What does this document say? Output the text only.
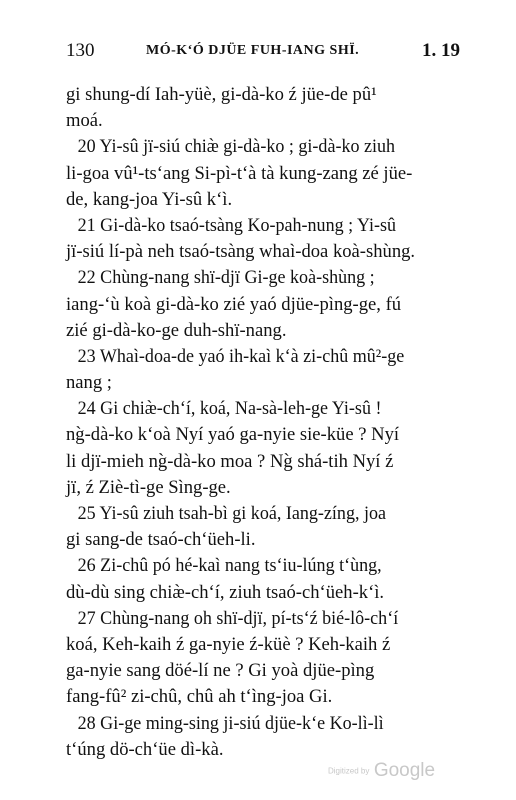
130	MÓ-K‘Ó DJÜE FUH-IANG SHÏ.	1. 19
gi shung-dí Iah-yüè, gi-dà-ko ź jüe-de pû¹
moá.
20 Yi-sû jï-siú chiæ̀ gi-dà-ko ; gi-dà-ko ziuh
li-goa vû¹-ts‘ang Si-pì-t‘à tà kung-zang zé jüe-
de, kang-joa Yi-sû k‘ì.
21 Gi-dà-ko tsaó-tsàng Ko-pah-nung ; Yi-sû
jï-siú lí-pà neh tsaó-tsàng whaì-doa koà-shùng.
22 Chùng-nang shï-djï Gi-ge koà-shùng ;
iang-‘ù koà gi-dà-ko zié yaó djüe-pìng-ge, fú
zié gi-dà-ko-ge duh-shï-nang.
23 Whaì-doa-de yaó ih-kaì k‘à zi-chû mû²-ge
nang ;
24 Gi chiæ̀-ch‘í, koá, Na-sà-leh-ge Yi-sû !
ng̀-dà-ko k‘oà Nyí yaó ga-nyie sie-küe ? Nyí
li djï-mieh ng̀-dà-ko moa ? Ng̀ shá-tih Nyí ź
jï, ź Ziè-tì-ge Sìng-ge.
25 Yi-sû ziuh tsah-bì gi koá, Iang-zíng, joa
gi sang-de tsaó-ch‘üeh-li.
26 Zi-chû pó hé-kaì nang ts‘iu-lúng t‘ùng,
dù-dù sing chiæ̀-ch‘í, ziuh tsaó-ch‘üeh-k‘ì.
27 Chùng-nang oh shï-djï, pí-ts‘ź bié-lô-ch‘í
koá, Keh-kaih ź ga-nyie ź-küè ? Keh-kaih ź
ga-nyie sang döé-lí ne ? Gi yoà djüe-pìng
fang-fû² zi-chû, chû ah t‘ìng-joa Gi.
28 Gi-ge ming-sing ji-siú djüe-k‘e Ko-lì-lì
t‘úng dö-ch‘üe dì-kà.
Digitized by Google
